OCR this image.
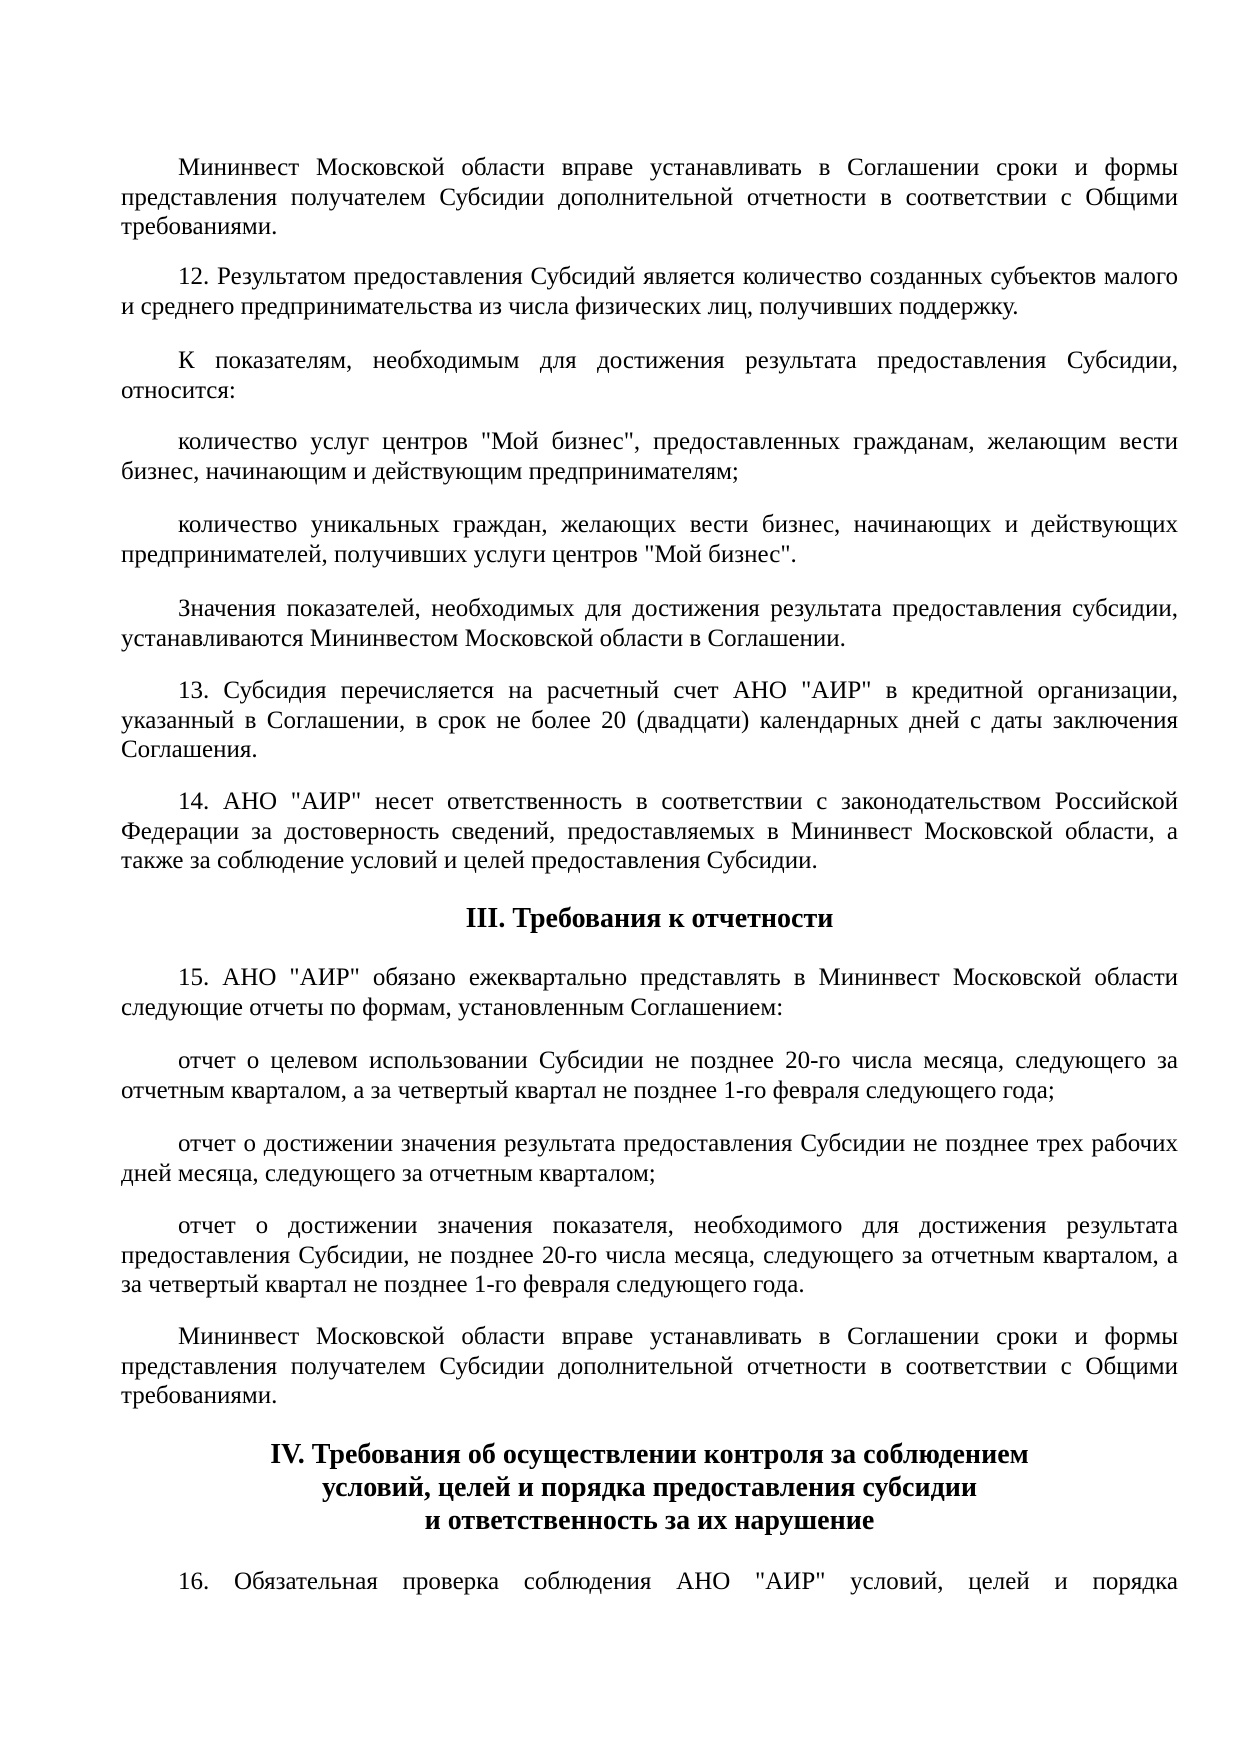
III. Требования к отчетности
IV. Требования об осуществлении контроля за соблюдением
условий, целей и порядка предоставления субсидии
и ответственность за их нарушение
Мининвест Московской области вправе устанавливать в Соглашении сроки и формы
представления получателем Субсидии дополнительной отчетности в соответствии с Общими
требованиями.
12. Результатом предоставления Субсидий является количество созданных субъектов малого
и среднего предпринимательства из числа физических лиц, получивших поддержку.
К показателям, необходимым для достижения результата предоставления Субсидии,
относится:
количество услуг центров "Мой бизнес", предоставленных гражданам, желающим вести
бизнес, начинающим и действующим предпринимателям;
количество уникальных граждан, желающих вести бизнес, начинающих и действующих
предпринимателей, получивших услуги центров "Мой бизнес".
Значения показателей, необходимых для достижения результата предоставления субсидии,
устанавливаются Мининвестом Московской области в Соглашении.
13. Субсидия перечисляется на расчетный счет АНО "АИР" в кредитной организации,
указанный в Соглашении, в срок не более 20 (двадцати) календарных дней с даты заключения
Соглашения.
14. АНО "АИР" несет ответственность в соответствии с законодательством Российской
Федерации за достоверность сведений, предоставляемых в Мининвест Московской области, а
также за соблюдение условий и целей предоставления Субсидии.
15. АНО "АИР" обязано ежеквартально представлять в Мининвест Московской области
следующие отчеты по формам, установленным Соглашением:
отчет о целевом использовании Субсидии не позднее 20-го числа месяца, следующего за
отчетным кварталом, а за четвертый квартал не позднее 1-го февраля следующего года;
отчет о достижении значения результата предоставления Субсидии не позднее трех рабочих
дней месяца, следующего за отчетным кварталом;
отчет о достижении значения показателя, необходимого для достижения результата
предоставления Субсидии, не позднее 20-го числа месяца, следующего за отчетным кварталом, а
за четвертый квартал не позднее 1-го февраля следующего года.
Мининвест Московской области вправе устанавливать в Соглашении сроки и формы
представления получателем Субсидии дополнительной отчетности в соответствии с Общими
требованиями.
16. Обязательная проверка соблюдения АНО "АИР" условий, целей и порядка
